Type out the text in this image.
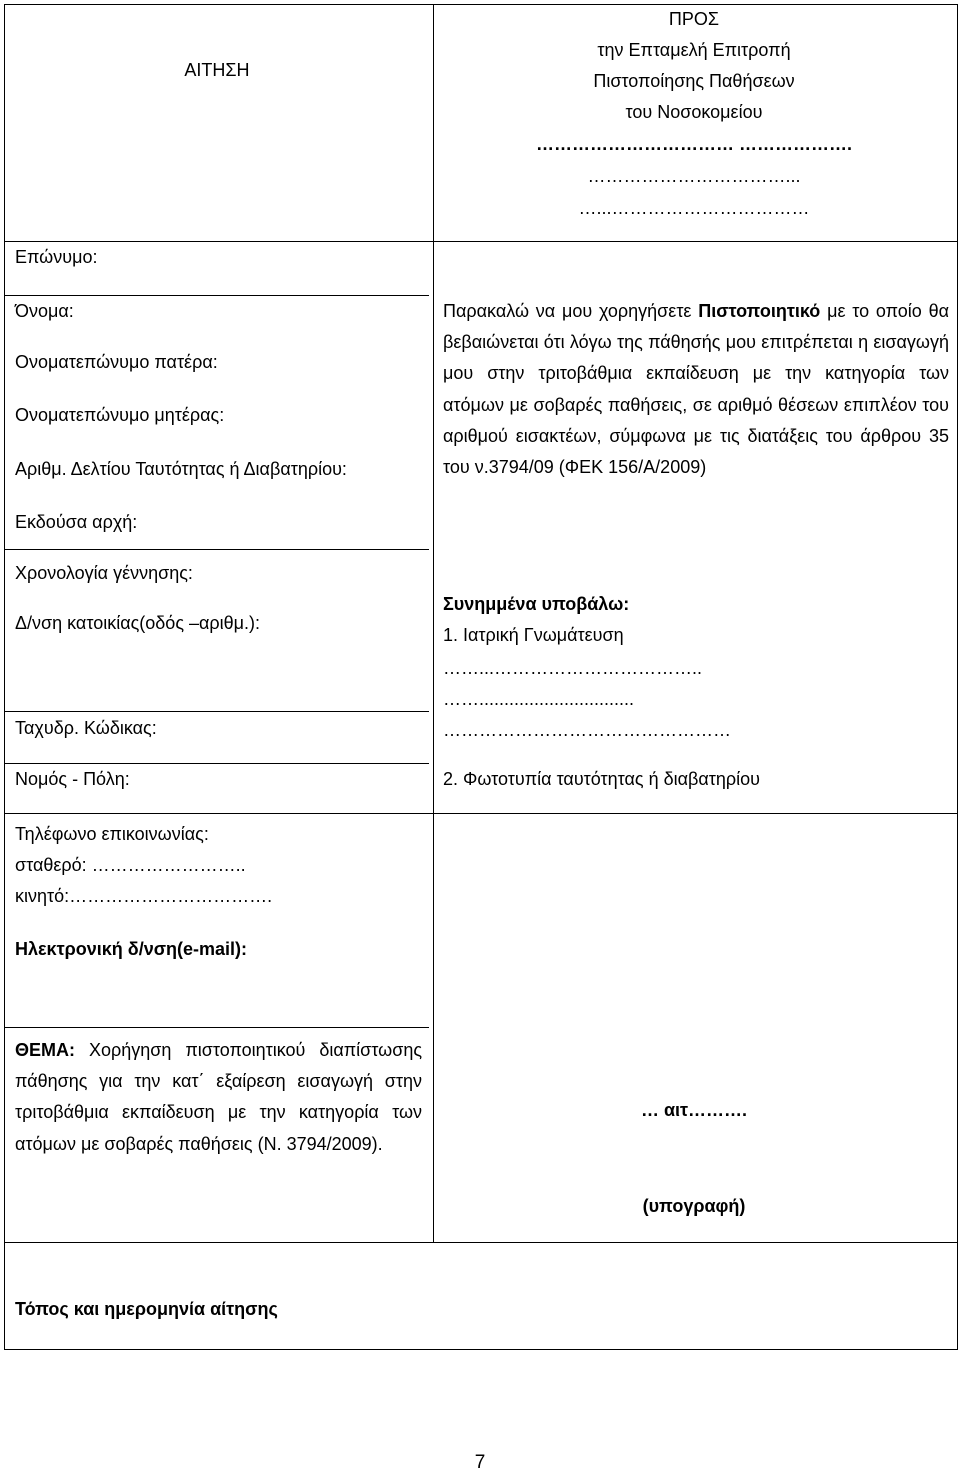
ΑΙΤΗΣΗ
ΠΡΟΣ
την Επταμελή Επιτροπή
Πιστοποίησης Παθήσεων
του Νοσοκομείου
…………………………… ……………….
……………………………...
…...……………………………
Επώνυμο:
Όνομα:
Ονοματεπώνυμο πατέρα:
Ονοματεπώνυμο μητέρας:
Αριθμ. Δελτίου Ταυτότητας ή Διαβατηρίου:
Εκδούσα αρχή:
Χρονολογία γέννησης:
Δ/νση κατοικίας(οδός –αριθμ.):
Ταχυδρ. Κώδικας:
Νομός - Πόλη:
Τηλέφωνο επικοινωνίας:
σταθερό: ……………………..
κινητό:…………………………….
Ηλεκτρονική δ/νση(e-mail):
Παρακαλώ να μου χορηγήσετε Πιστοποιητικό με το οποίο θα βεβαιώνεται ότι λόγω της πάθησής μου επιτρέπεται η εισαγωγή μου στην τριτοβάθμια εκπαίδευση με την κατηγορία των ατόμων με σοβαρές παθήσεις, σε αριθμό θέσεων επιπλέον του αριθμού εισακτέων, σύμφωνα με τις διατάξεις του άρθρου 35 του ν.3794/09 (ΦΕΚ 156/Α/2009)
Συνημμένα υποβάλω:
1. Ιατρική Γνωμάτευση
……...……………………………..
……...............................
…………………………………………
2. Φωτοτυπία ταυτότητας ή διαβατηρίου
ΘΕΜΑ: Χορήγηση πιστοποιητικού διαπίστωσης πάθησης για την κατ΄ εξαίρεση εισαγωγή στην τριτοβάθμια εκπαίδευση με την κατηγορία των ατόμων με σοβαρές παθήσεις (Ν. 3794/2009).
… αιτ……….
(υπογραφή)
Τόπος και ημερομηνία αίτησης
7
